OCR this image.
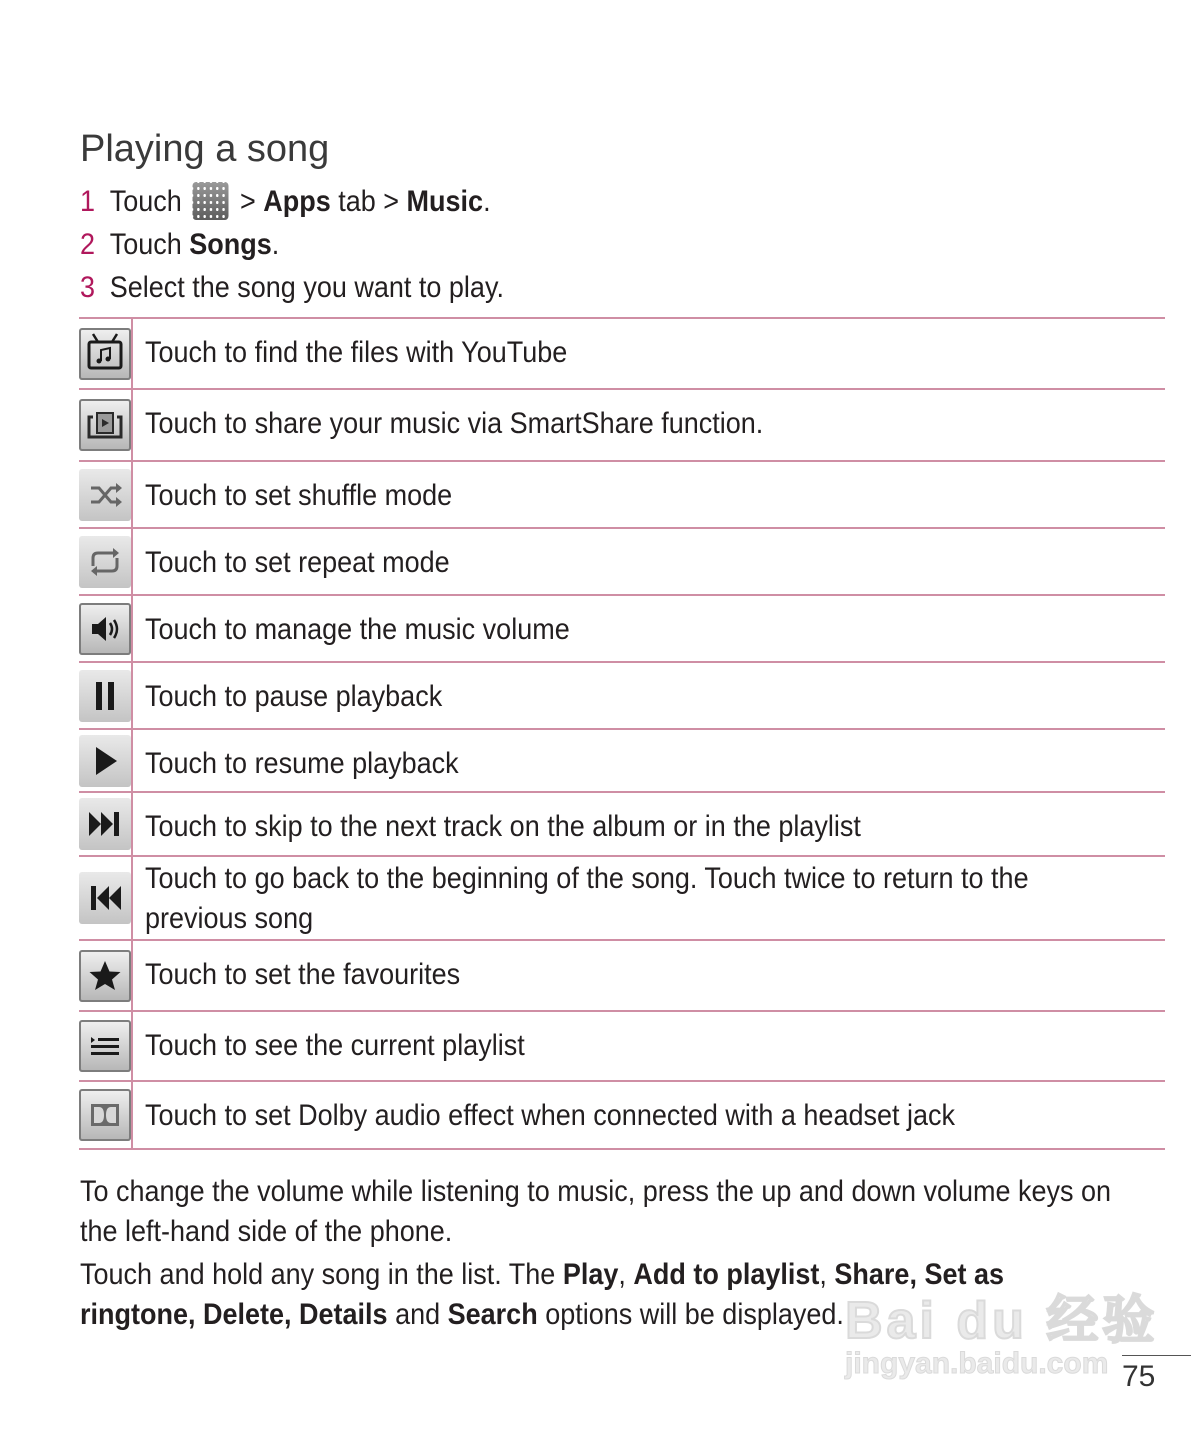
Playing a song
1 Touch  > Apps tab > Music.
2 Touch Songs.
3 Select the song you want to play.
	Touch to find the files with YouTube

	Touch to share your music via SmartShare function.

	Touch to set shuffle mode

	Touch to set repeat mode

	Touch to manage the music volume

	Touch to pause playback

	Touch to resume playback

	Touch to skip to the next track on the album or in the playlist

	Touch to go back to the beginning of the song. Touch twice to return to the previous song

	Touch to set the favourites

	Touch to see the current playlist

	Touch to set Dolby audio effect when connected with a headset jack

To change the volume while listening to music, press the up and down volume keys on the left-hand side of the phone.

Touch and hold any song in the list. The Play, Add to playlist, Share, Set as ringtone, Delete, Details and Search options will be displayed. Bai du 经验
jingyan.baidu.com 75
